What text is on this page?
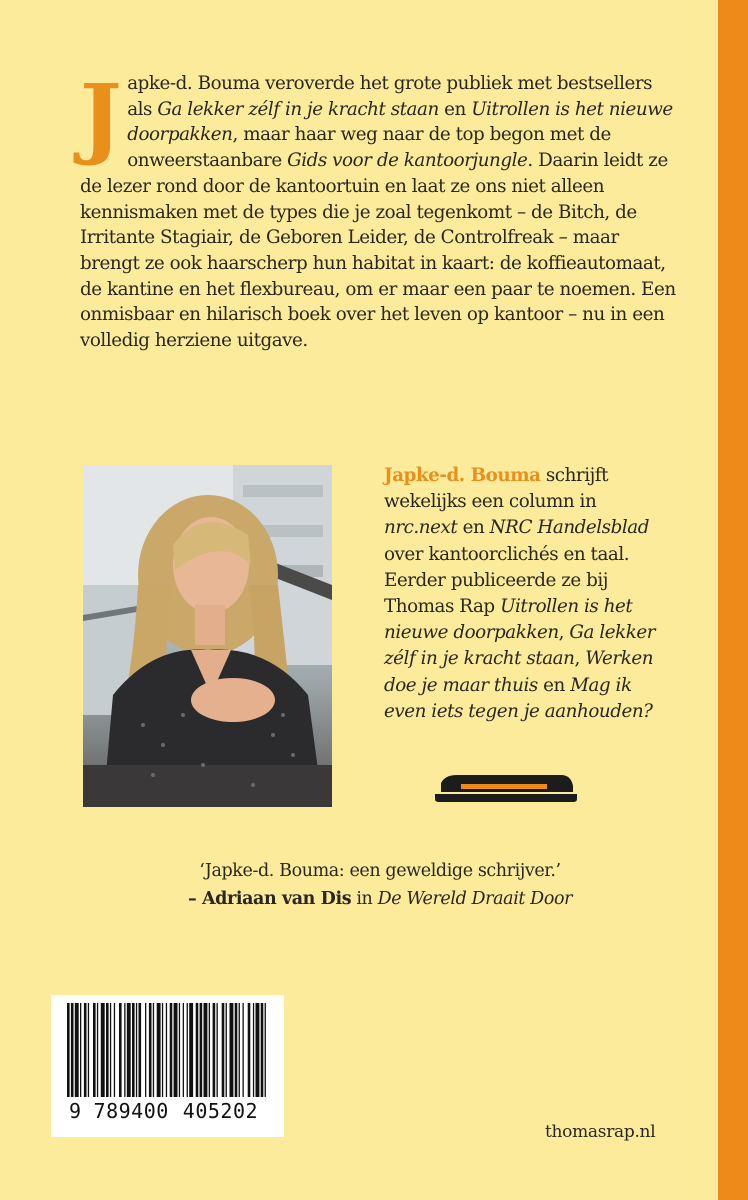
J apke-d. Bouma veroverde het grote publiek met bestsellers als Ga lekker zélf in je kracht staan en Uitrollen is het nieuwe doorpakken, maar haar weg naar de top begon met de onweerstaanbare Gids voor de kantoorjungle. Daarin leidt ze de lezer rond door de kantoortuin en laat ze ons niet alleen kennismaken met de types die je zoal tegenkomt – de Bitch, de Irritante Stagiair, de Geboren Leider, de Controlfreak – maar brengt ze ook haarscherp hun habitat in kaart: de koffieautomaat, de kantine en het flexbureau, om er maar een paar te noemen. Een onmisbaar en hilarisch boek over het leven op kantoor – nu in een volledig herziene uitgave.

Japke-d. Bouma schrijft wekelijks een column in nrc.next en NRC Handelsblad over kantoorclichés en taal. Eerder publiceerde ze bij Thomas Rap Uitrollen is het nieuwe doorpakken, Ga lekker zélf in je kracht staan, Werken doe je maar thuis en Mag ik even iets tegen je aanhouden?

‘Japke-d. Bouma: een geweldige schrijver.’
– Adriaan van Dis in De Wereld Draait Door
9 789400 405202
thomasrap.nl
